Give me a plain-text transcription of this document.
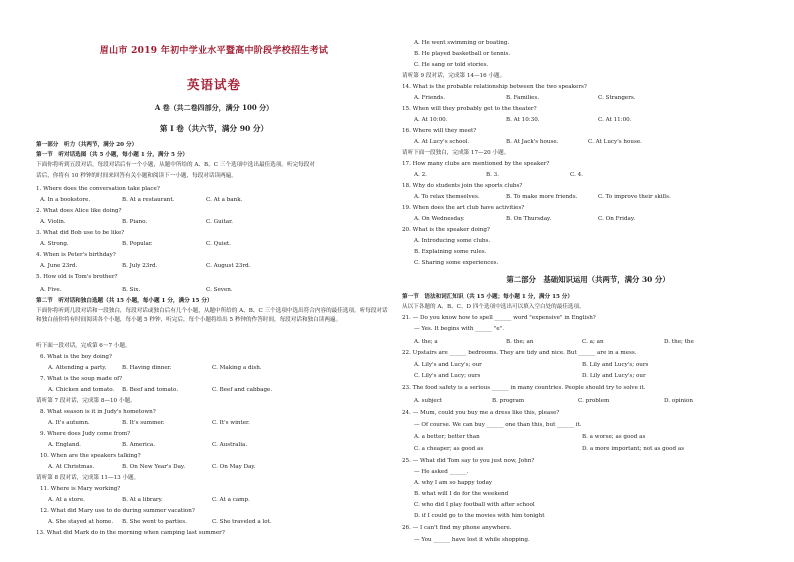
眉山市 2019 年初中学业水平暨高中阶段学校招生考试
英语试卷
A 卷（共二卷四部分，满分 100 分）
第 I 卷（共六节，满分 90 分）
第一部分　听力（共两节，满分 20 分）
第一节　听对话选图（共 5 小题，每小题 1 分，满分 5 分）
下面你将听到五段对话，每段对话后有一个小题，从题中所给的 A、B、C 三个选项中选出最佳选项。听完每段对
话后，你将有 10 秒钟的时间来回答有关小题和阅读下一小题，每段对话读两遍。
1. Where does the conversation take place?
A. In a bookstore.	B. At a restaurant.	C. At a bank.
2. What does Alice like doing?
A. Violin.	B. Piano.	C. Guitar.
3. What did Bob use to be like?
A. Strong.	B. Popular.	C. Quiet.
4. When is Peter's birthday?
A. June 23rd.	B. July 23rd.	C. August 23rd.
5. How old is Tom's brother?
A. Five.	B. Six.	C. Seven.
第二节　听对话和独白选题（共 15 小题，每小题 1 分，满分 15 分）
下面你将听到几段对话和一段独白，每段对话或独白后有几个小题，从题中所给的 A、B、C 三个选项中选出符合内容的最佳选项。听每段对话和独白前你将有时间阅读各个小题，每小题 5 秒钟，听完后，每个小题将给出 5 秒钟的作答时间，每段对话和独白读两遍。
听下面一段对话，完成第 6～7 小题。
6. What is the boy doing?
A. Attending a party.	B. Having dinner.	C. Making a dish.
7. What is the soup made of?
A. Chicken and tomato. B. Beef and tomato.	C. Beef and cabbage.
请听第 7 段对话，完成第 8—10 小题。
8. What season is it in Judy's hometown?
A. It's autumn.	B. It's summer.	C. It's winter.
9. Where does Judy come from?
A. England.	B. America.	C. Australia.
10. When are the speakers talking?
A. At Christmas.	B. On New Year's Day.	C. On May Day.
请听第 8 段对话，完成第 11—13 小题。
11. Where is Mary working?
A. At a store.	B. At a library.	C. At a camp.
12. What did Mary use to do during summer vacation?
A. She stayed at home. B. She went to parties.	C. She traveled a lot.
13. What did Mark do in the morning when camping last summer?
A. He went swimming or boating.
B. He played basketball or tennis.
C. He sang or told stories.
请听第 9 段对话，完成第 14—16 小题。
14. What is the probable relationship between the two speakers?
A. Friends.	B. Families.	C. Strangers.
15. When will they probably get to the theater?
A. At 10:00.	B. At 10:30.	C. At 11:00.
16. Where will they meet?
A. At Lucy's school.	B. At Jack's house.	C. At Lucy's house.
请听下面一段独白，完成第 17—20 小题。
17. How many clubs are mentioned by the speaker?
A. 2.	B. 3.	C. 4.
18. Why do students join the sports clubs?
A. To relax themselves.	B. To make more friends.	C. To improve their skills.
19. When does the art club have activities?
A. On Wednesday.	B. On Thursday.	C. On Friday.
20. What is the speaker doing?
A. Introducing some clubs.
B. Explaining some rules.
C. Sharing some experiences.
第二部分　基础知识运用（共两节，满分 30 分）
第一节　语法和词汇知识（共 15 小题；每小题 1 分，满分 15 分）
从以下各题的 A、B、C、D 四个选项中选出可以填入空白处的最佳选项。
21. — Do you know how to spell ______ word "expensive" in English?
— Yes. It begins with ______ "e".
A. the; a	B. the; an	C. a; an	D. the; the
22. Upstairs are ______ bedrooms. They are tidy and nice. But ______ are in a mess.
A. Lily's and Lucy's; our	B. Lily and Lucy's; ours
C. Lily's and Lucy; ours	D. Lily and Lucy's; our
23. The food safety is a serious ______ in many countries. People should try to solve it.
A. subject	B. program	C. problem	D. opinion
24. — Mum, could you buy me a dress like this, please?
— Of course. We can buy ______ one than this, but ______ it.
A. a better; better than	B. a worse; as good as
C. a cheaper; as good as	D. a more important; not as good as
25. — What did Tom say to you just now, John?
— He asked ______.
A. why I am so happy today
B. what will I do for the weekend
C. who did I play football with after school
D. if I could go to the movies with him tonight
26. — I can't find my phone anywhere.
— You ______ have lost it while shopping.
